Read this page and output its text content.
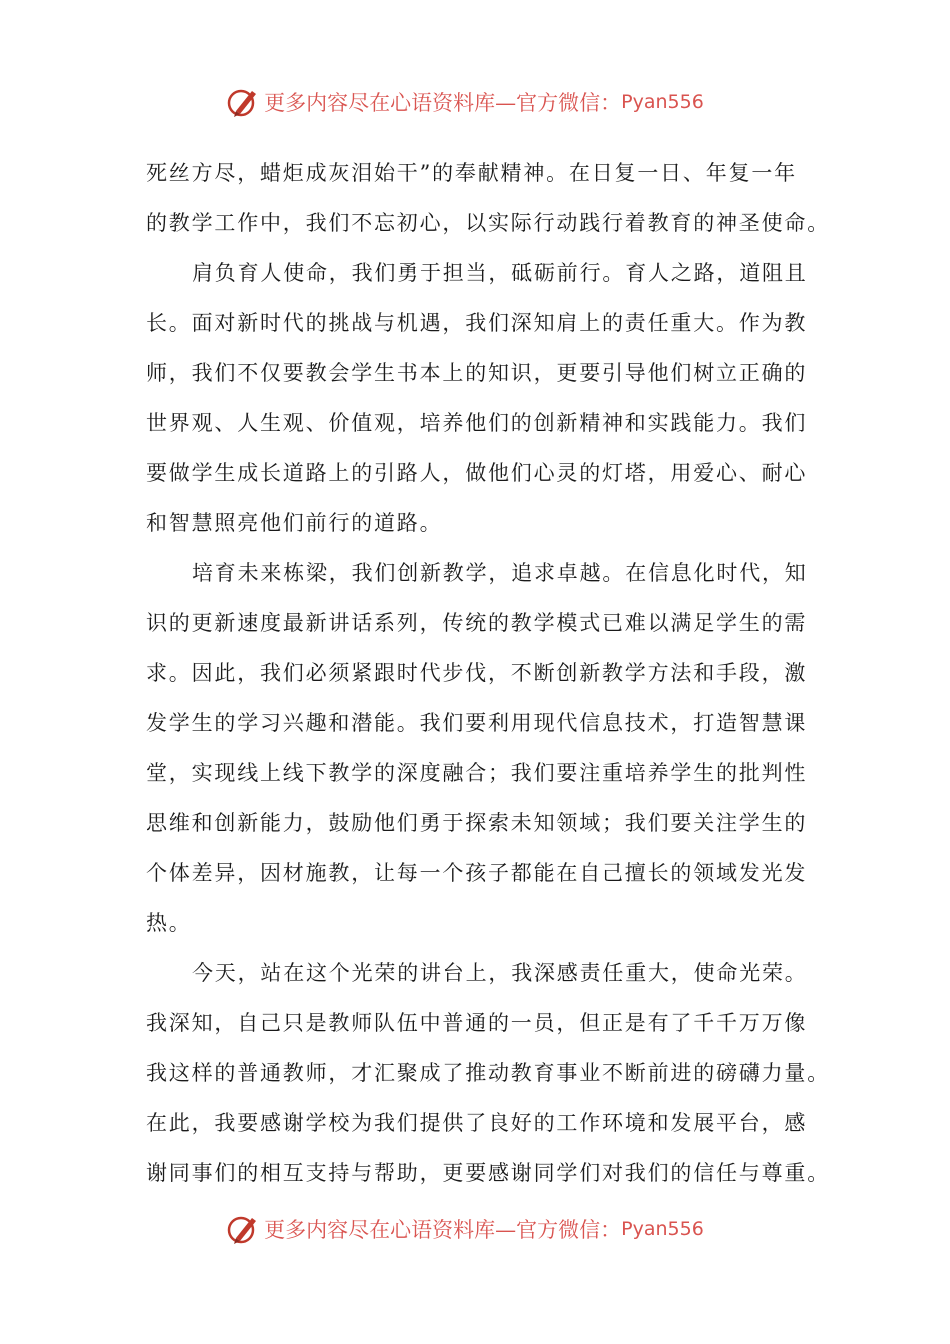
更多内容尽在心语资料库—官方微信： Pyan556
死丝方尽，蜡炬成灰泪始干”的奉献精神。在日复一日、年复一年
的教学工作中，我们不忘初心，以实际行动践行着教育的神圣使命。
肩负育人使命，我们勇于担当，砥砺前行。育人之路，道阻且
长。面对新时代的挑战与机遇，我们深知肩上的责任重大。作为教
师，我们不仅要教会学生书本上的知识，更要引导他们树立正确的
世界观、人生观、价值观，培养他们的创新精神和实践能力。我们
要做学生成长道路上的引路人，做他们心灵的灯塔，用爱心、耐心
和智慧照亮他们前行的道路。
培育未来栋梁，我们创新教学，追求卓越。在信息化时代，知
识的更新速度最新讲话系列，传统的教学模式已难以满足学生的需
求。因此，我们必须紧跟时代步伐，不断创新教学方法和手段，激
发学生的学习兴趣和潜能。我们要利用现代信息技术，打造智慧课
堂，实现线上线下教学的深度融合；我们要注重培养学生的批判性
思维和创新能力，鼓励他们勇于探索未知领域；我们要关注学生的
个体差异，因材施教，让每一个孩子都能在自己擅长的领域发光发
热。
今天，站在这个光荣的讲台上，我深感责任重大，使命光荣。
我深知，自己只是教师队伍中普通的一员，但正是有了千千万万像
我这样的普通教师，才汇聚成了推动教育事业不断前进的磅礴力量。
在此，我要感谢学校为我们提供了良好的工作环境和发展平台，感
谢同事们的相互支持与帮助，更要感谢同学们对我们的信任与尊重。
更多内容尽在心语资料库—官方微信： Pyan556
